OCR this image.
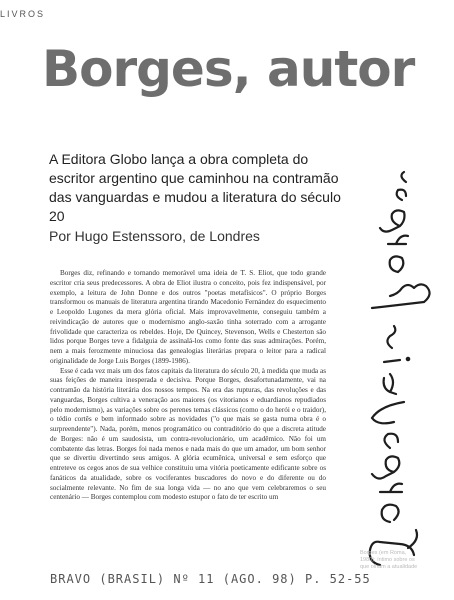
LIVROS
Borges, autor
A Editora Globo lança a obra completa do escritor argentino que caminhou na contramão das vanguardas e mudou a literatura do século 20
Por Hugo Estenssoro, de Londres

Borges diz, refinando e tornando memorável uma ideia de T. S. Eliot, que todo grande escritor cria seus predecessores. A obra de Eliot ilustra o conceito, pois fez indispensável, por exemplo, a leitura de John Donne e dos outros "poetas metafísicos". O próprio Borges transformou os manuais de literatura argentina tirando Macedonio Fernández do esquecimento e Leopoldo Lugones da mera glória oficial. Mais improvavelmente, conseguiu também a reivindicação de autores que o modernismo anglo-saxão tinha soterrado com a arrogante frivolidade que caracteriza os rebeldes. Hoje, De Quincey, Stevenson, Wells e Chesterton são lidos porque Borges teve a fidalguia de assinalá-los como fonte das suas admirações. Porém, nem a mais ferozmente minuciosa das genealogias literárias prepara o leitor para a radical originalidade de Jorge Luis Borges (1899-1986).

Esse é cada vez mais um dos fatos capitais da literatura do século 20, à medida que muda as suas feições de maneira inesperada e decisiva. Porque Borges, desafortunadamente, vai na contramão da história literária dos nossos tempos. Na era das rupturas, das revoluções e das vanguardas, Borges cultiva a veneração aos maiores (os vitorianos e eduardianos repudiados pelo modernismo), as variações sobre os perenes temas clássicos (como o do herói e o traidor), o tédio cortês e bem informado sobre as novidades ("o que mais se gasta numa obra é o surpreendente"). Nada, porém, menos programático ou contraditório do que a discreta atitude de Borges: não é um saudosista, um contra-revolucionário, um acadêmico. Não foi um combatente das letras. Borges foi nada menos e nada mais do que um amador, um bom senhor que se divertiu divertindo seus amigos. A glória ecumênica, universal e sem esforço que entreteve os cegos anos de sua velhice constituiu uma vitória poeticamente edificante sobre os fanáticos da atualidade, sobre os vociferantes buscadores do novo e do diferente ou do socialmente relevante. No fim de sua longa vida — no ano que vem celebraremos o seu centenário — Borges contemplou com modesto estupor o fato de ter escrito um

Borges (em Roma, 1980): íntimo sobre os que olham a atualidade
BRAVO (BRASIL) Nº 11 (AGO. 98) P. 52-55
